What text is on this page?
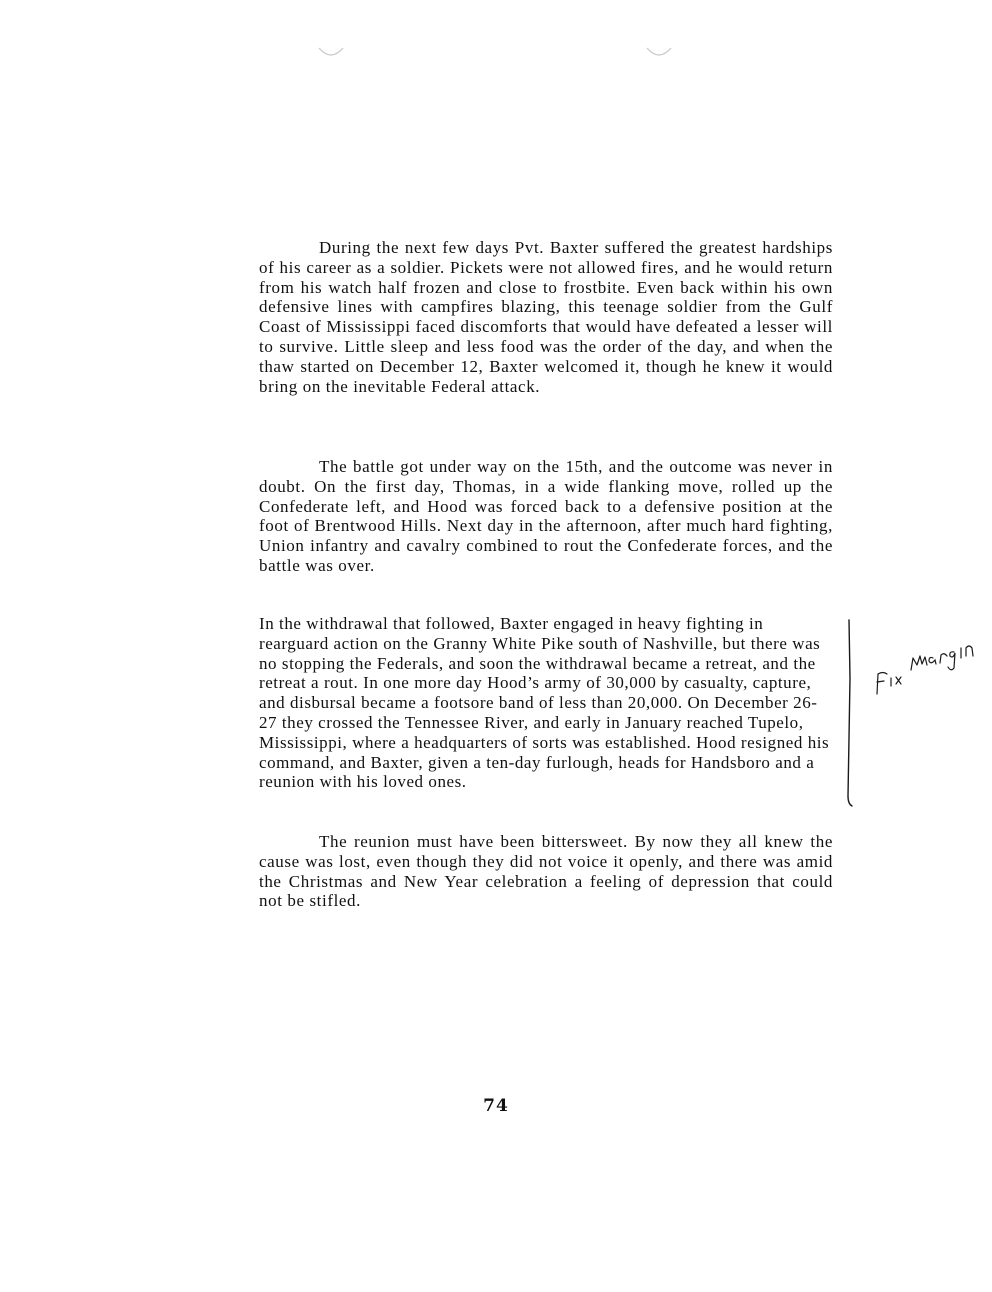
During the next few days Pvt. Baxter suffered the greatest hardships of his career as a soldier. Pickets were not allowed fires, and he would return from his watch half frozen and close to frostbite. Even back within his own defensive lines with campfires blazing, this teenage soldier from the Gulf Coast of Mississippi faced discomforts that would have defeated a lesser will to survive. Little sleep and less food was the order of the day, and when the thaw started on December 12, Baxter welcomed it, though he knew it would bring on the inevitable Federal attack.

The battle got under way on the 15th, and the outcome was never in doubt. On the first day, Thomas, in a wide flanking move, rolled up the Confederate left, and Hood was forced back to a defensive position at the foot of Brentwood Hills. Next day in the afternoon, after much hard fighting, Union infantry and cavalry combined to rout the Confederate forces, and the battle was over.

In the withdrawal that followed, Baxter engaged in heavy fighting in rearguard action on the Granny White Pike south of Nashville, but there was no stopping the Federals, and soon the withdrawal became a retreat, and the retreat a rout. In one more day Hood’s army of 30,000 by casualty, capture, and disbursal became a footsore band of less than 20,000. On December 26-27 they crossed the Tennessee River, and early in January reached Tupelo, Mississippi, where a headquarters of sorts was established. Hood resigned his command, and Baxter, given a ten-day furlough, heads for Handsboro and a reunion with his loved ones.

The reunion must have been bittersweet. By now they all knew the cause was lost, even though they did not voice it openly, and there was amid the Christmas and New Year celebration a feeling of depression that could not be stifled.

74
